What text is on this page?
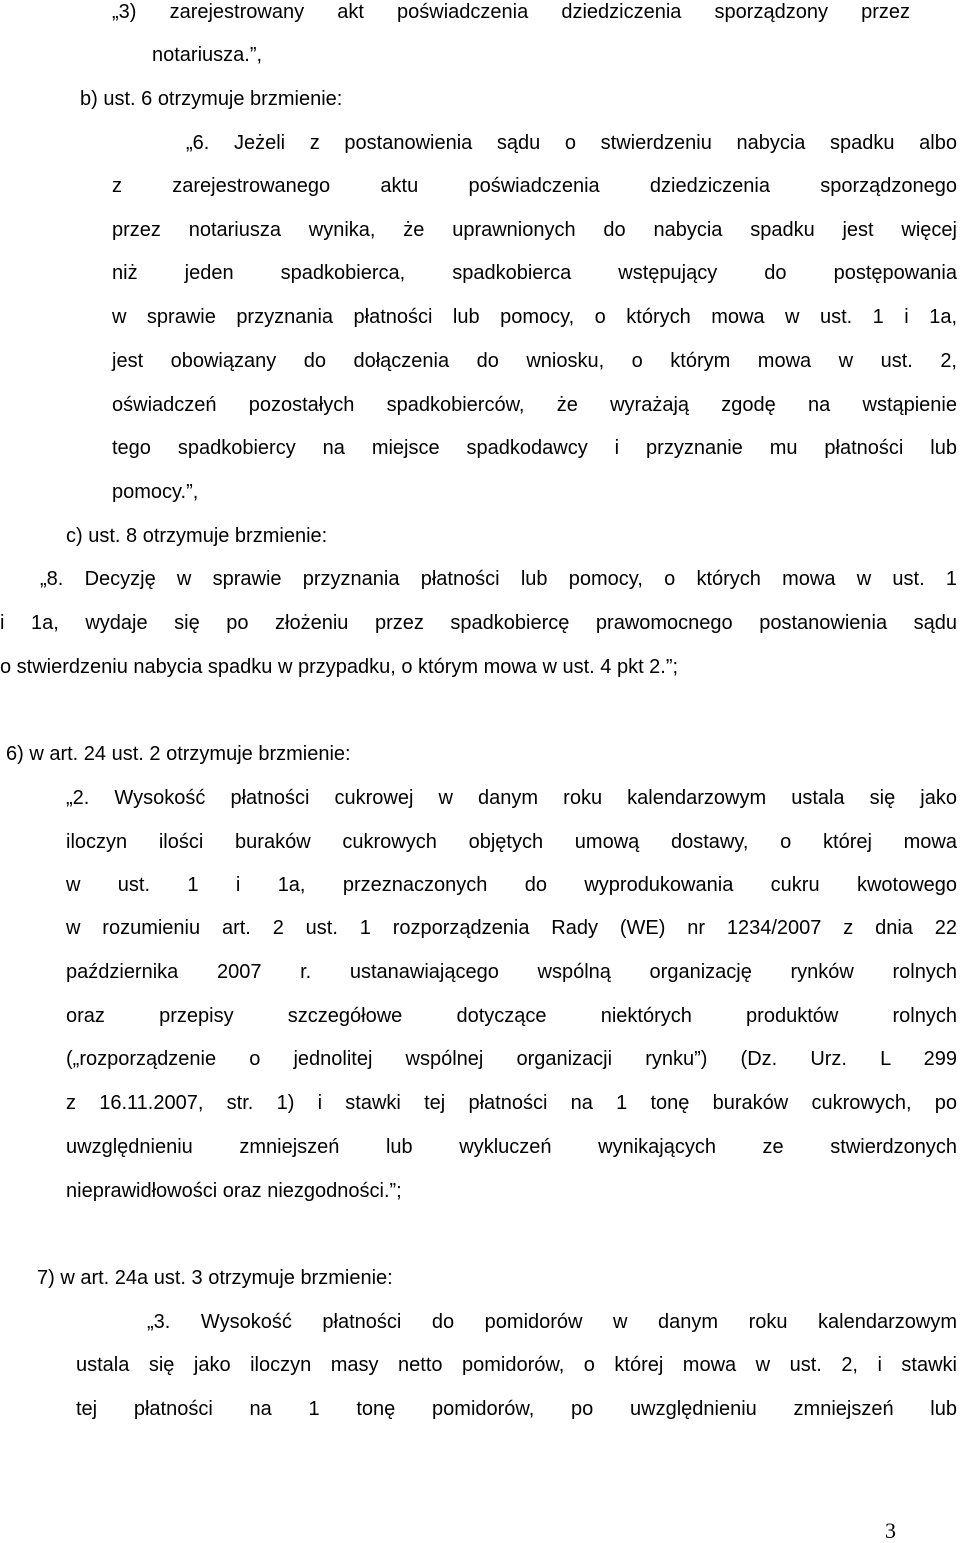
„3) zarejestrowany akt poświadczenia dziedziczenia sporządzony przez

notariusza.”,

b) ust. 6 otrzymuje brzmienie:

„6. Jeżeli z postanowienia sądu o stwierdzeniu nabycia spadku albo

z zarejestrowanego aktu poświadczenia dziedziczenia sporządzonego

przez notariusza wynika, że uprawnionych do nabycia spadku jest więcej

niż jeden spadkobierca, spadkobierca wstępujący do postępowania

w sprawie przyznania płatności lub pomocy, o których mowa w ust. 1 i 1a,

jest obowiązany do dołączenia do wniosku, o którym mowa w ust. 2,

oświadczeń pozostałych spadkobierców, że wyrażają zgodę na wstąpienie

tego spadkobiercy na miejsce spadkodawcy i przyznanie mu płatności lub

pomocy.”,

c) ust. 8 otrzymuje brzmienie:

„8. Decyzję w sprawie przyznania płatności lub pomocy, o których mowa w ust. 1

i 1a, wydaje się po złożeniu przez spadkobiercę prawomocnego postanowienia sądu

o stwierdzeniu nabycia spadku w przypadku, o którym mowa w ust. 4 pkt 2.”;

6) w art. 24 ust. 2 otrzymuje brzmienie:

„2. Wysokość płatności cukrowej w danym roku kalendarzowym ustala się jako

iloczyn ilości buraków cukrowych objętych umową dostawy, o której mowa

w ust. 1 i 1a, przeznaczonych do wyprodukowania cukru kwotowego

w rozumieniu art. 2 ust. 1 rozporządzenia Rady (WE) nr 1234/2007 z dnia 22

października 2007 r. ustanawiającego wspólną organizację rynków rolnych

oraz przepisy szczegółowe dotyczące niektórych produktów rolnych

(„rozporządzenie o jednolitej wspólnej organizacji rynku”) (Dz. Urz. L 299

z 16.11.2007, str. 1) i stawki tej płatności na 1 tonę buraków cukrowych, po

uwzględnieniu zmniejszeń lub wykluczeń wynikających ze stwierdzonych

nieprawidłowości oraz niezgodności.”;

7) w art. 24a ust. 3 otrzymuje brzmienie:

„3. Wysokość płatności do pomidorów w danym roku kalendarzowym

ustala się jako iloczyn masy netto pomidorów, o której mowa w ust. 2, i stawki

tej płatności na 1 tonę pomidorów, po uwzględnieniu zmniejszeń lub

3
